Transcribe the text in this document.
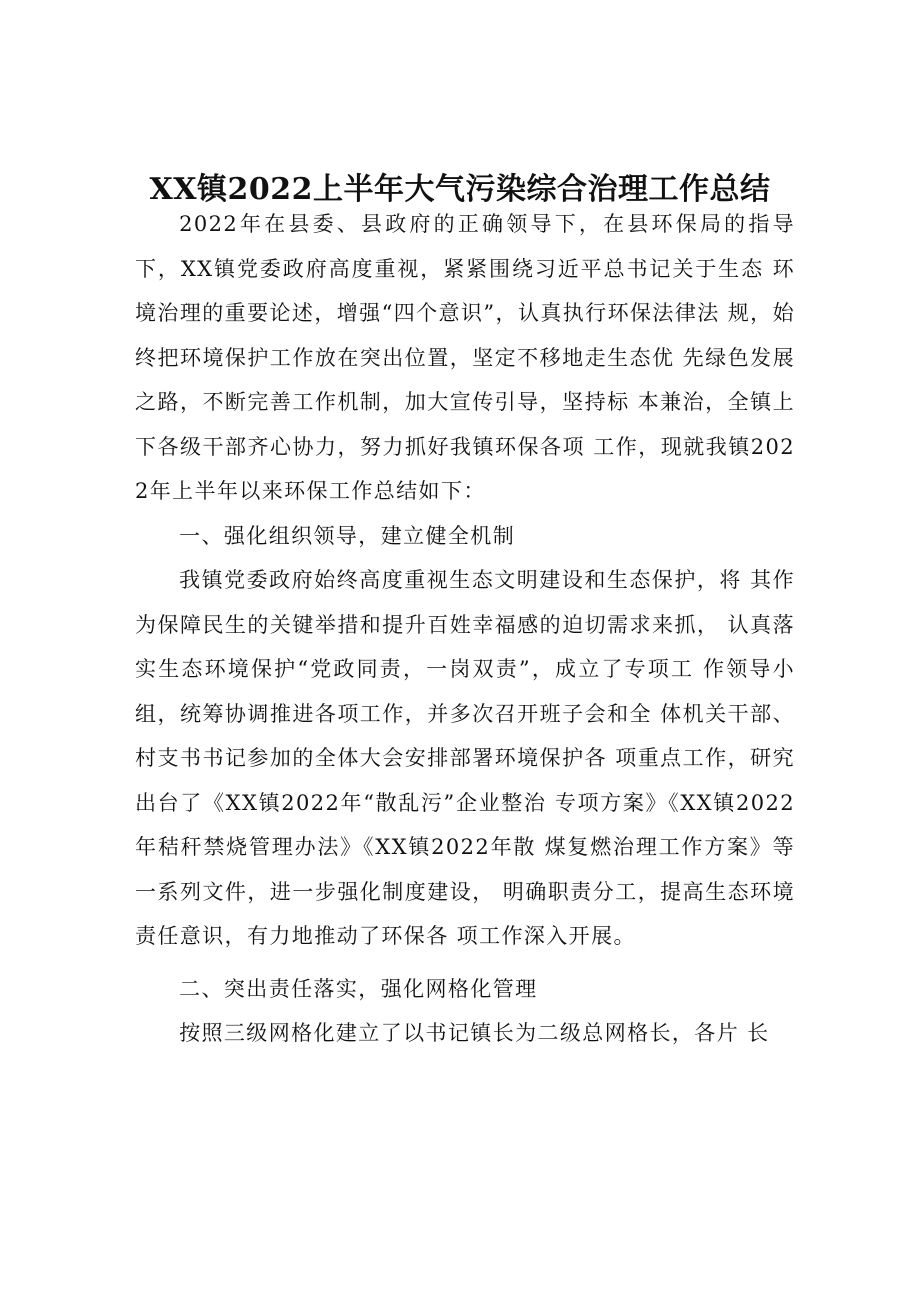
XX镇2022上半年大气污染综合治理工作总结

2022年在县委、县政府的正确领导下，在县环保局的指导 下，XX镇党委政府高度重视，紧紧围绕习近平总书记关于生态 环境治理的重要论述，增强“四个意识”，认真执行环保法律法 规，始终把环境保护工作放在突出位置，坚定不移地走生态优 先绿色发展之路，不断完善工作机制，加大宣传引导，坚持标 本兼治，全镇上下各级干部齐心协力，努力抓好我镇环保各项 工作，现就我镇2022年上半年以来环保工作总结如下：

一、强化组织领导，建立健全机制

我镇党委政府始终高度重视生态文明建设和生态保护，将 其作为保障民生的关键举措和提升百姓幸福感的迫切需求来抓， 认真落实生态环境保护“党政同责，一岗双责”，成立了专项工 作领导小组，统筹协调推进各项工作，并多次召开班子会和全 体机关干部、村支书书记参加的全体大会安排部署环境保护各 项重点工作，研究出台了《XX镇2022年“散乱污”企业整治 专项方案》《XX镇2022年秸秆禁烧管理办法》《XX镇2022年散 煤复燃治理工作方案》等一系列文件，进一步强化制度建设， 明确职责分工，提高生态环境责任意识，有力地推动了环保各 项工作深入开展。

二、突出责任落实，强化网格化管理

按照三级网格化建立了以书记镇长为二级总网格长，各片 长
